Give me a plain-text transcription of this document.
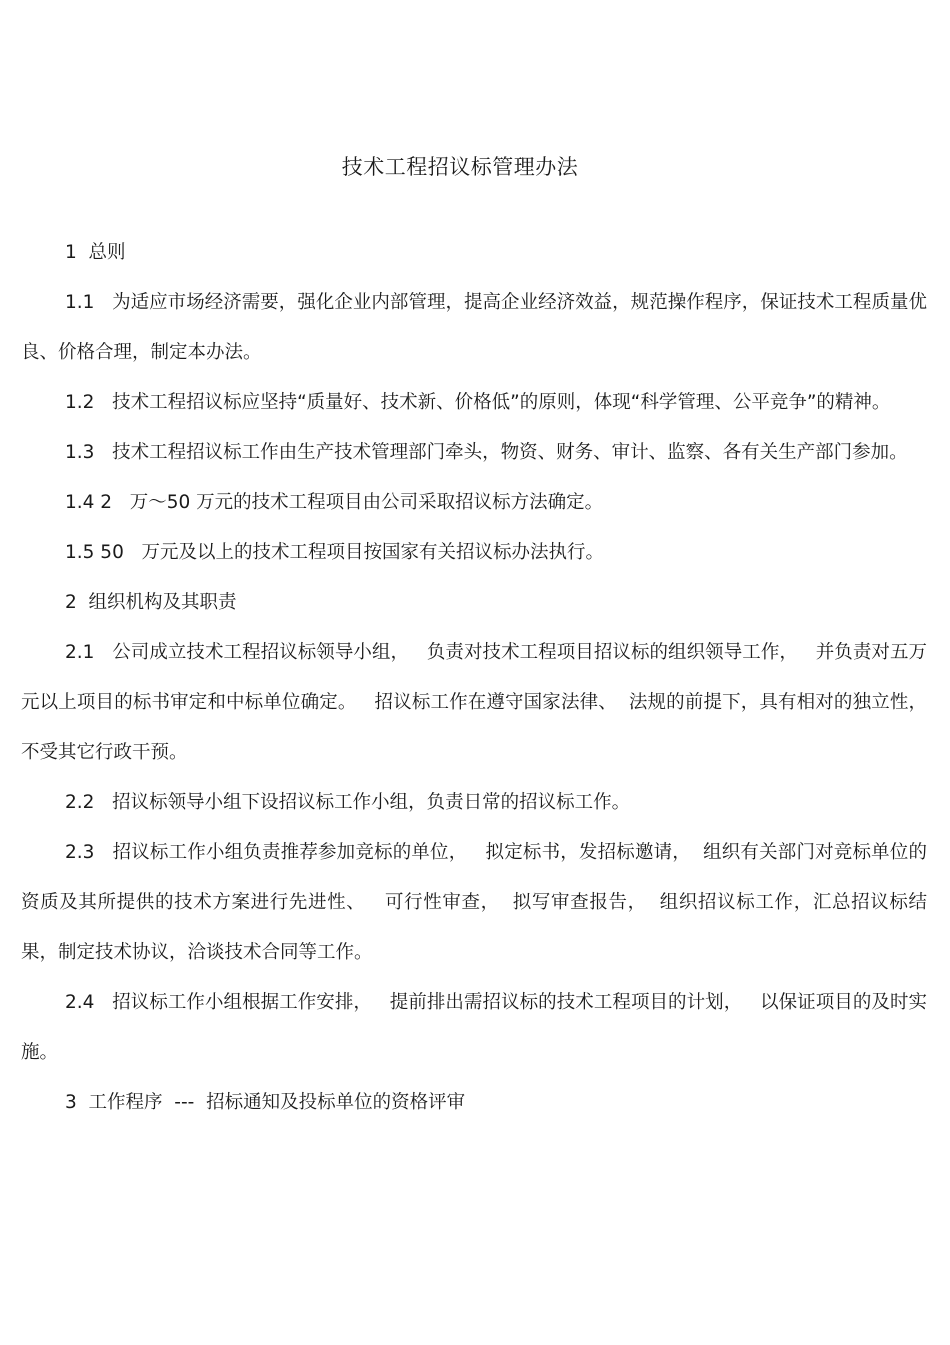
技术工程招议标管理办法

1  总则

1.1   为适应市场经济需要，强化企业内部管理，提高企业经济效益，规范操作程序，保证技术工程质量优良、价格合理，制定本办法。

1.2   技术工程招议标应坚持“质量好、技术新、价格低”的原则，体现“科学管理、公平竞争”的精神。

1.3   技术工程招议标工作由生产技术管理部门牵头，物资、财务、审计、监察、各有关生产部门参加。

1.4 2   万～50 万元的技术工程项目由公司采取招议标方法确定。

1.5 50   万元及以上的技术工程项目按国家有关招议标办法执行。

2  组织机构及其职责

2.1   公司成立技术工程招议标领导小组，   负责对技术工程项目招议标的组织领导工作，   并负责对五万元以上项目的标书审定和中标单位确定。   招议标工作在遵守国家法律、  法规的前提下，具有相对的独立性，不受其它行政干预。

2.2   招议标领导小组下设招议标工作小组，负责日常的招议标工作。

2.3   招议标工作小组负责推荐参加竞标的单位，   拟定标书，发招标邀请，  组织有关部门对竞标单位的资质及其所提供的技术方案进行先进性、   可行性审查，  拟写审查报告，  组织招议标工作，汇总招议标结果，制定技术协议，洽谈技术合同等工作。

2.4   招议标工作小组根据工作安排，   提前排出需招议标的技术工程项目的计划，   以保证项目的及时实施。

3  工作程序  ---  招标通知及投标单位的资格评审
